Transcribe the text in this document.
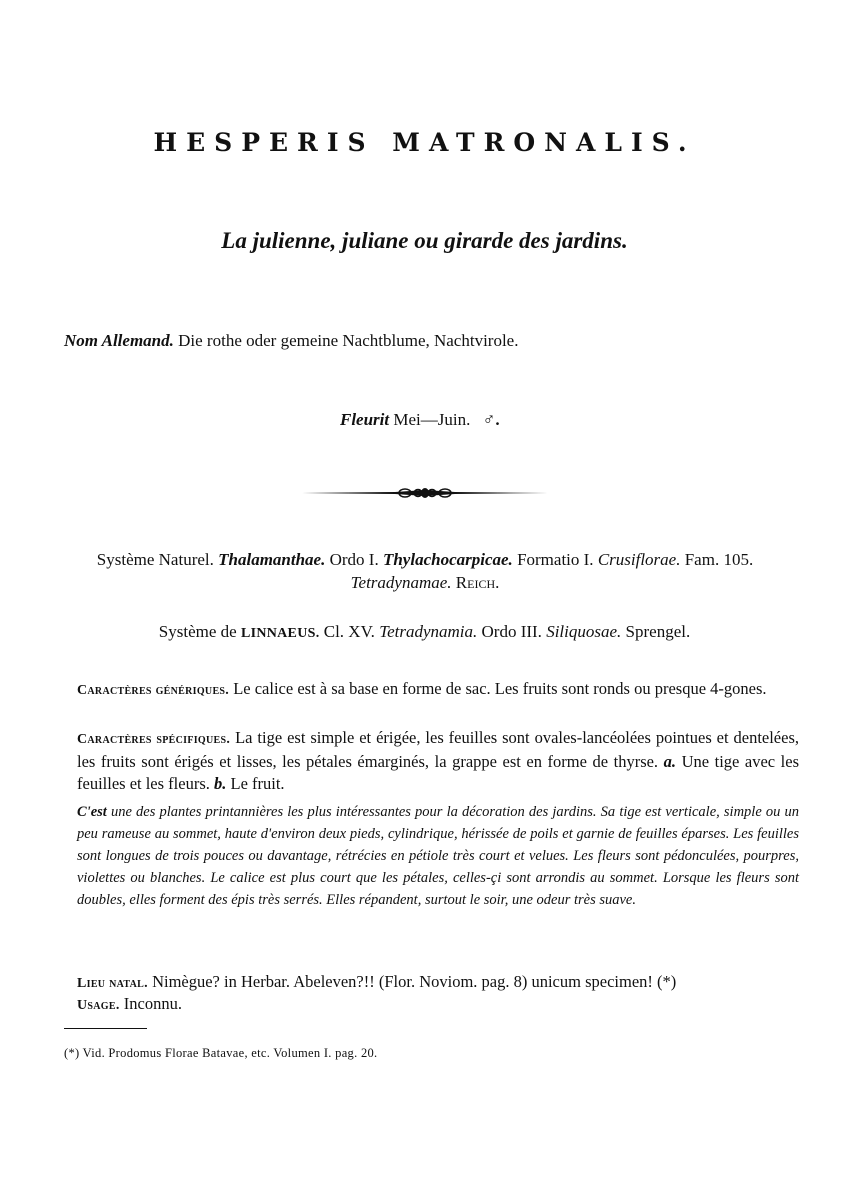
HESPERIS MATRONALIS.
La julienne, juliane ou girarde des jardins.
Nom Allemand. Die rothe oder gemeine Nachtblume, Nachtvirole.
Fleurit Mei—Juin. ♂.
Système Naturel. Thalamanthae. Ordo I. Thylachocarpicae. Formatio I. Crusiflorae. Fam. 105.
Tetradynamae. Reich.
Système de LINNAEUS. Cl. XV. Tetradynamia. Ordo III. Siliquosae. Sprengel.

Caractères génériques. Le calice est à sa base en forme de sac. Les fruits sont ronds ou presque 4-gones.

Caractères spécifiques. La tige est simple et érigée, les feuilles sont ovales-lancéolées pointues et dentelées, les fruits sont érigés et lisses, les pétales émarginés, la grappe est en forme de thyrse. a. Une tige avec les feuilles et les fleurs. b. Le fruit.

C'est une des plantes printannières les plus intéressantes pour la décoration des jardins. Sa tige est verticale, simple ou un peu rameuse au sommet, haute d'environ deux pieds, cylindrique, hérissée de poils et garnie de feuilles éparses. Les feuilles sont longues de trois pouces ou davantage, rétrécies en pétiole très court et velues. Les fleurs sont pédonculées, pourpres, violettes ou blanches. Le calice est plus court que les pétales, celles-çi sont arrondis au sommet. Lorsque les fleurs sont doubles, elles forment des épis très serrés. Elles répandent, surtout le soir, une odeur très suave.

Lieu natal. Nimègue? in Herbar. Abeleven?!! (Flor. Noviom. pag. 8) unicum specimen! (*)
Usage. Inconnu.
(*) Vid. Prodomus Florae Batavae, etc. Volumen I. pag. 20.
